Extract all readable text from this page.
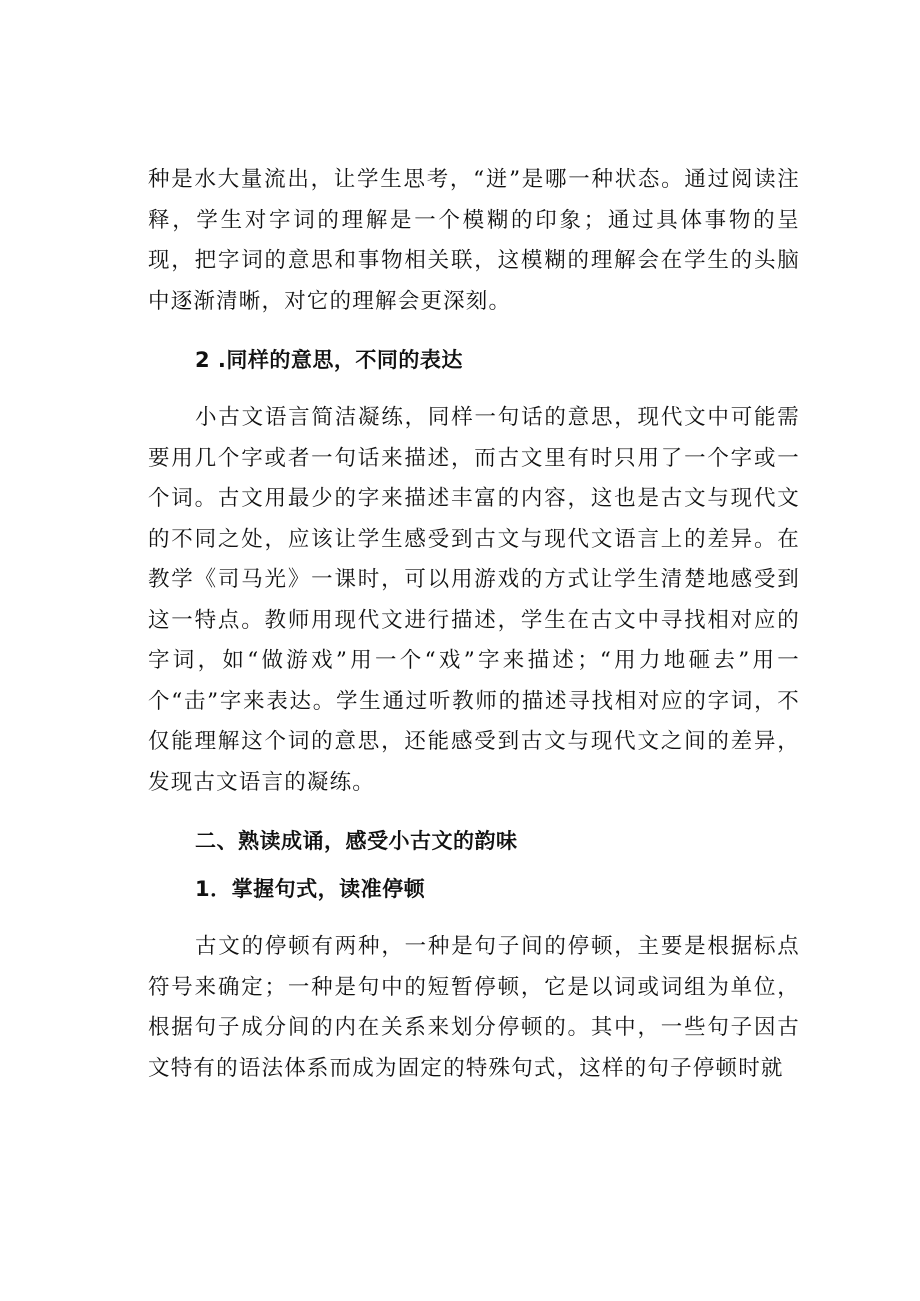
种是水大量流出，让学生思考，“迸”是哪一种状态。通过阅读注释，学生对字词的理解是一个模糊的印象；通过具体事物的呈现，把字词的意思和事物相关联，这模糊的理解会在学生的头脑中逐渐清晰，对它的理解会更深刻。

2 .同样的意思，不同的表达

小古文语言简洁凝练，同样一句话的意思，现代文中可能需要用几个字或者一句话来描述，而古文里有时只用了一个字或一个词。古文用最少的字来描述丰富的内容，这也是古文与现代文的不同之处，应该让学生感受到古文与现代文语言上的差异。在教学《司马光》一课时，可以用游戏的方式让学生清楚地感受到这一特点。教师用现代文进行描述，学生在古文中寻找相对应的字词，如“做游戏”用一个“戏”字来描述；“用力地砸去”用一个“击”字来表达。学生通过听教师的描述寻找相对应的字词，不仅能理解这个词的意思，还能感受到古文与现代文之间的差异，发现古文语言的凝练。

二、熟读成诵，感受小古文的韵味

1．掌握句式，读准停顿

古文的停顿有两种，一种是句子间的停顿，主要是根据标点符号来确定；一种是句中的短暂停顿，它是以词或词组为单位，根据句子成分间的内在关系来划分停顿的。其中，一些句子因古文特有的语法体系而成为固定的特殊句式，这样的句子停顿时就
